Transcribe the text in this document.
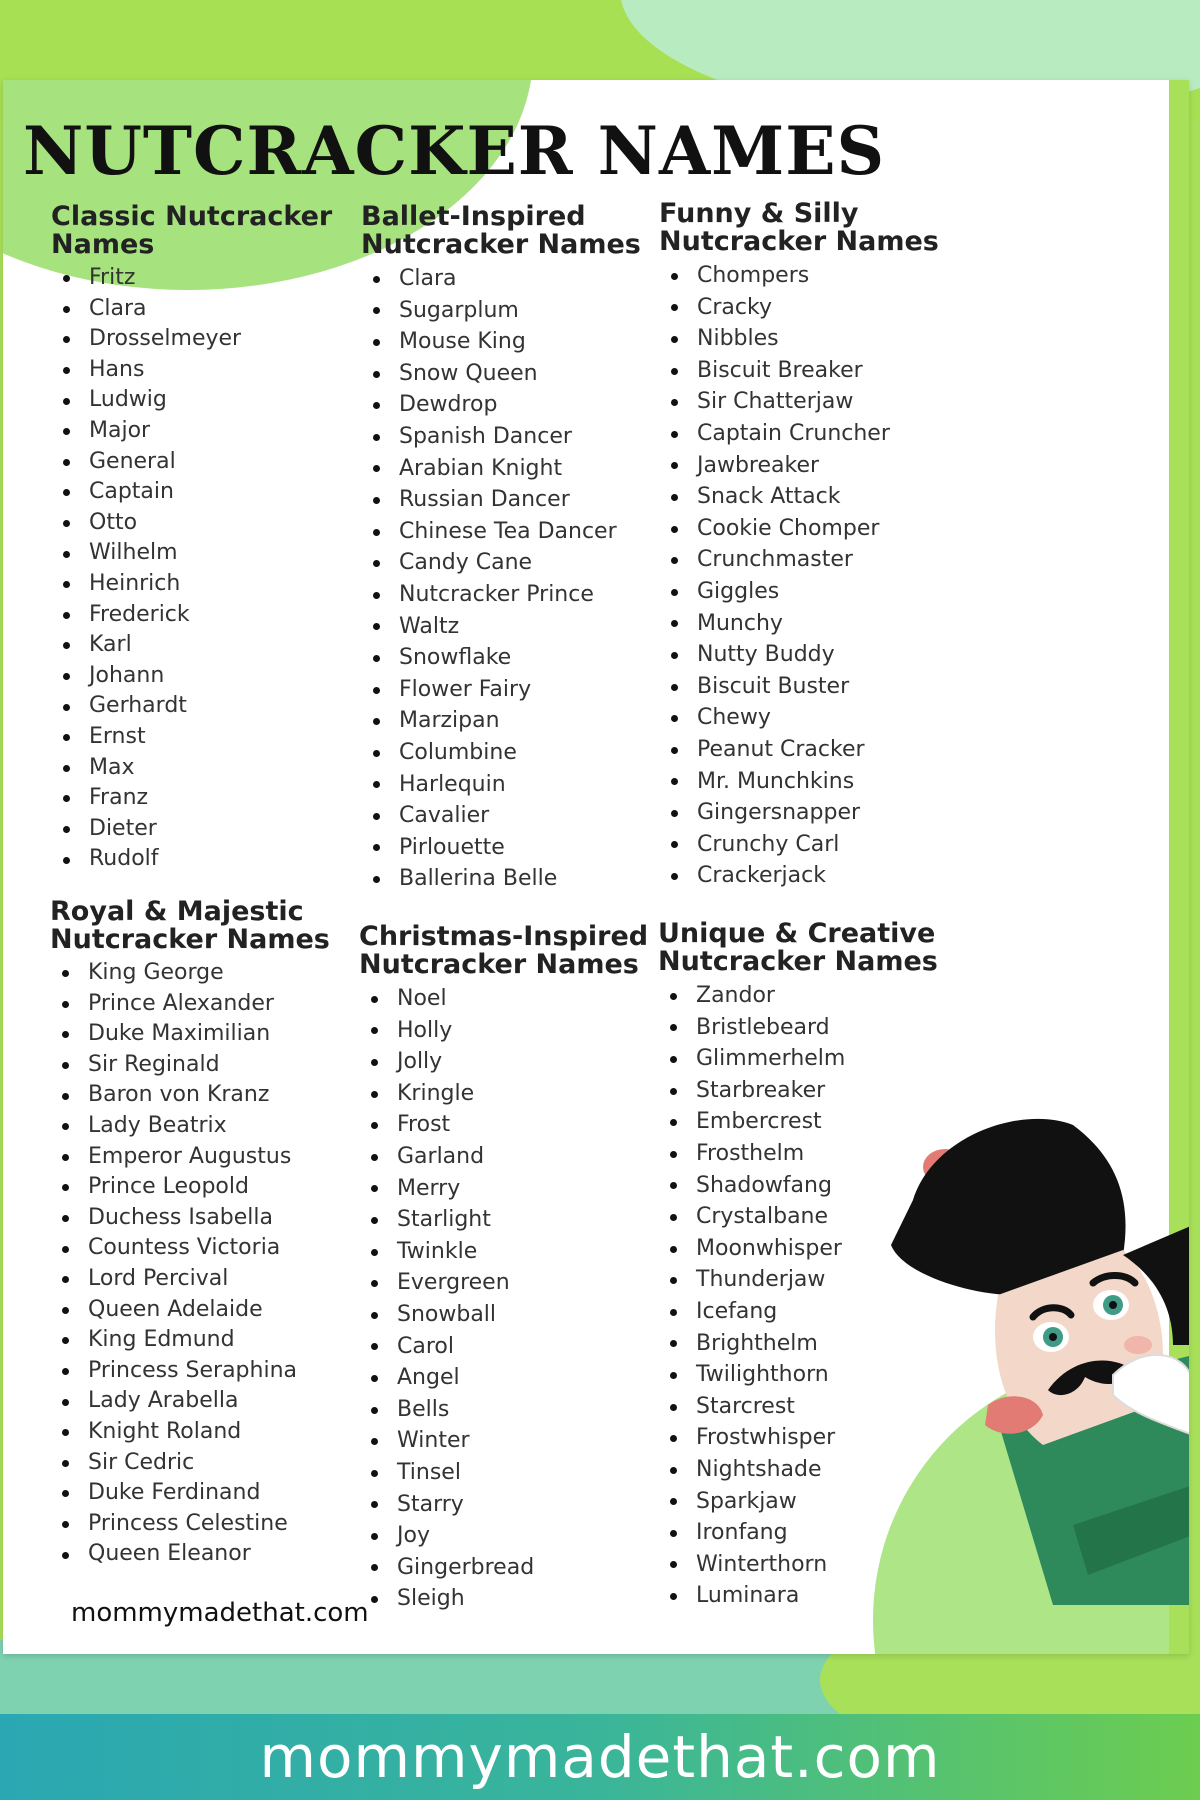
NUTCRACKER NAMES
Classic Nutcracker
Names
Fritz
Clara
Drosselmeyer
Hans
Ludwig
Major
General
Captain
Otto
Wilhelm
Heinrich
Frederick
Karl
Johann
Gerhardt
Ernst
Max
Franz
Dieter
Rudolf
Ballet-Inspired
Nutcracker Names
Clara
Sugarplum
Mouse King
Snow Queen
Dewdrop
Spanish Dancer
Arabian Knight
Russian Dancer
Chinese Tea Dancer
Candy Cane
Nutcracker Prince
Waltz
Snowflake
Flower Fairy
Marzipan
Columbine
Harlequin
Cavalier
Pirlouette
Ballerina Belle
Funny & Silly
Nutcracker Names
Chompers
Cracky
Nibbles
Biscuit Breaker
Sir Chatterjaw
Captain Cruncher
Jawbreaker
Snack Attack
Cookie Chomper
Crunchmaster
Giggles
Munchy
Nutty Buddy
Biscuit Buster
Chewy
Peanut Cracker
Mr. Munchkins
Gingersnapper
Crunchy Carl
Crackerjack
Royal & Majestic
Nutcracker Names
King George
Prince Alexander
Duke Maximilian
Sir Reginald
Baron von Kranz
Lady Beatrix
Emperor Augustus
Prince Leopold
Duchess Isabella
Countess Victoria
Lord Percival
Queen Adelaide
King Edmund
Princess Seraphina
Lady Arabella
Knight Roland
Sir Cedric
Duke Ferdinand
Princess Celestine
Queen Eleanor
Christmas-Inspired
Nutcracker Names
Noel
Holly
Jolly
Kringle
Frost
Garland
Merry
Starlight
Twinkle
Evergreen
Snowball
Carol
Angel
Bells
Winter
Tinsel
Starry
Joy
Gingerbread
Sleigh
Unique & Creative
Nutcracker Names
Zandor
Bristlebeard
Glimmerhelm
Starbreaker
Embercrest
Frosthelm
Shadowfang
Crystalbane
Moonwhisper
Thunderjaw
Icefang
Brighthelm
Twilighthorn
Starcrest
Frostwhisper
Nightshade
Sparkjaw
Ironfang
Winterthorn
Luminara
mommymadethat.com
mommymadethat.com
